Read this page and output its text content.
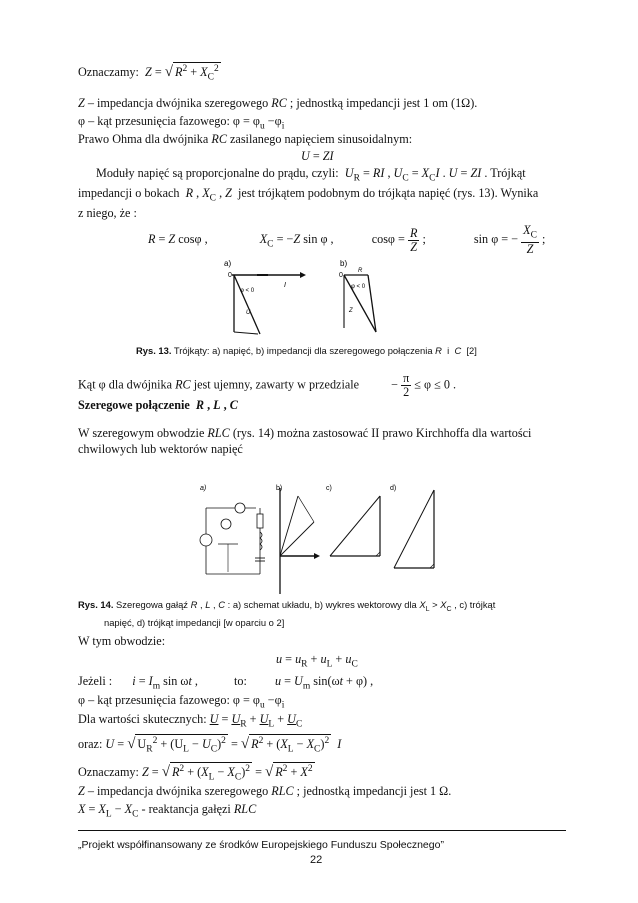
Oznaczamy:  Z = √ $R^2 + X_C^2$
Z – impedancja dwójnika szeregowego RC ; jednostką impedancji jest 1 om (1Ω).
φ – kąt przesunięcia fazowego: $\varphi = \varphi_u -\varphi_i$
Prawo Ohma dla dwójnika RC zasilanego napięciem sinusoidalnym:
U = ZI
Moduły napięć są proporcjonalne do prądu, czyli:  $U_R$ = RI , $U_C = X_CI$ . U = ZI . Trójkąt
impedancji o bokach  R , $X_C$ , Z jest trójkątem podobnym do trójkąta napięć (rys. 13). Wynika
z niego, że :
R = Z cosφ ,	$X_C = -Z$ sin φ ,	$\cos\varphi = \frac{R}{Z}$ ;	sin φ = − $\frac{X_C}{Z}$ ;
a)
0
I
φ < 0
U
b)
0
R
φ < 0
Z
Rys. 13. Trójkąty: a) napięć, b) impedancji dla szeregowego połączenia R  i  C [2]
Kąt φ dla dwójnika RC jest ujemny, zawarty w przedziale  − $\frac{\pi}{2} \le \varphi \le 0$ .
Szeregowe połączenie  R , L , C
W szeregowym obwodzie RLC (rys. 14) można zastosować II prawo Kirchhoffa dla wartości
chwilowych lub wektorów napięć
a)	b)	c)	d)
Rys. 14. Szeregowa gałąź R , L , C : a) schemat układu, b) wykres wektorowy dla $X_L > X_C$ , c) trójkąt
napięć, d) trójkąt impedancji [w oparciu o 2]
W tym obwodzie:
$u = u_R + u_L + u_C$
Jeżeli : $i = I_m$ sin ωt ,	to: $u = U_m$ sin(ωt + φ) ,
φ – kąt przesunięcia fazowego: $\varphi = \varphi_u -\varphi_i$
Dla wartości skutecznych: $U = U_R + U_L + U_C$
oraz: U = √ $U_R^2 + (U_L - U_C)^2$ = √ $R^2 + (X_L - X_C)^2$ I
Oznaczamy: Z = √ $R^2 + (X_L - X_C)^2$ = √ $R^2 + X^2$
Z – impedancja dwójnika szeregowego RLC ; jednostką impedancji jest 1 Ω.
$X = X_L - X_C$ - reaktancja gałęzi RLC
„Projekt współfinansowany ze środków Europejskiego Funduszu Społecznego”
22
